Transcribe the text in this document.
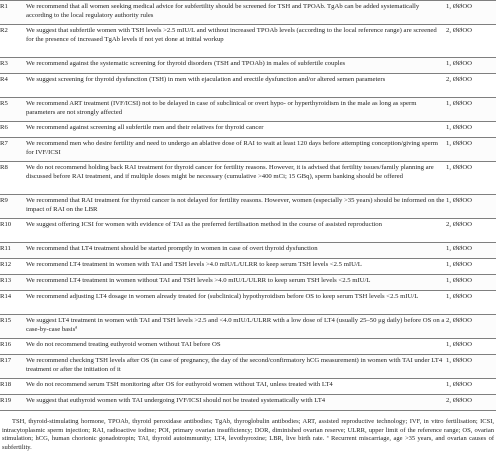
R1	We recommend that all women seeking medical advice for subfertility should be screened for TSH and TPOAb. TgAb can be added systematically according to the local regulatory authority rules	1, ØØOO
R2	We suggest that subfertile women with TSH levels >2.5 mIU/L and without increased TPOAb levels (according to the local reference range) are screened for the presence of increased TgAb levels if not yet done at initial workup	2, ØØOO
R3	We recommend against the systematic screening for thyroid disorders (TSH and TPOAb) in males of subfertile couples	1, ØØOO
R4	We suggest screening for thyroid dysfunction (TSH) in men with ejaculation and erectile dysfunction and/or altered semen parameters	2, ØØOO
R5	We recommend ART treatment (IVF/ICSI) not to be delayed in case of subclinical or overt hypo- or hyperthyroidism in the male as long as sperm parameters are not strongly affected	1, ØØOO
R6	We recommend against screening all subfertile men and their relatives for thyroid cancer	1, ØØOO
R7	We recommend men who desire fertility and need to undergo an ablative dose of RAI to wait at least 120 days before attempting conception/giving sperm for IVF/ICSI	1, ØØOO
R8	We do not recommend holding back RAI treatment for thyroid cancer for fertility reasons. However, it is advised that fertility issues/family planning are discussed before RAI treatment, and if multiple doses might be necessary (cumulative >400 mCi; 15 GBq), sperm banking should be offered	1, ØØOO
R9	We recommend that RAI treatment for thyroid cancer is not delayed for fertility reasons. However, women (especially >35 years) should be informed on the impact of RAI on the LBR	1, ØØOO
R10	We suggest offering ICSI for women with evidence of TAI as the preferred fertilisation method in the course of assisted reproduction	2, ØØOO
R11	We recommend that LT4 treatment should be started promptly in women in case of overt thyroid dysfunction	1, ØØOO
R12	We recommend LT4 treatment in women with TAI and TSH levels >4.0 mIU/L/ULRR to keep serum TSH levels <2.5 mIU/L	1, ØØOO
R13	We recommend LT4 treatment in women without TAI and TSH levels >4.0 mIU/L/ULRR to keep serum TSH levels <2.5 mIU/L	1, ØØOO
R14	We recommend adjusting LT4 dosage in women already treated for (subclinical) hypothyroidism before OS to keep serum TSH levels <2.5 mIU/L	1, ØØOO
R15	We suggest LT4 treatment in women with TAI and TSH levels >2.5 and <4.0 mIU/L/ULRR with a low dose of LT4 (usually 25–50 μg daily) before OS on a case-by-case basisª	2, ØØOO
R16	We do not recommend treating euthyroid women without TAI before OS	1, ØØOO
R17	We recommend checking TSH levels after OS (in case of pregnancy, the day of the second/confirmatory hCG measurement) in women with TAI under LT4 treatment or after the initiation of it	1, ØØOO
R18	We do not recommend serum TSH monitoring after OS for euthyroid women without TAI, unless treated with LT4	1, ØØOO
R19	We suggest that euthyroid women with TAI undergoing IVF/ICSI should not be treated systematically with LT4	2, ØØOO
TSH, thyroid-stimulating hormone, TPOAb, thyroid peroxidase antibodies; TgAb, thyroglobulin antibodies; ART, assisted reproductive technology; IVF, in vitro fertilisation; ICSI, intracytoplasmic sperm injection; RAI, radioactive iodine; POI, primary ovarian insufficiency; DOR, diminished ovarian reserve; ULRR, upper limit of the reference range; OS, ovarian stimulation; hCG, human chorionic gonadotropin; TAI, thyroid autoimmunity; LT4, levothyroxine; LBR, live birth rate. ª Recurrent miscarriage, age >35 years, and ovarian causes of subfertility.
